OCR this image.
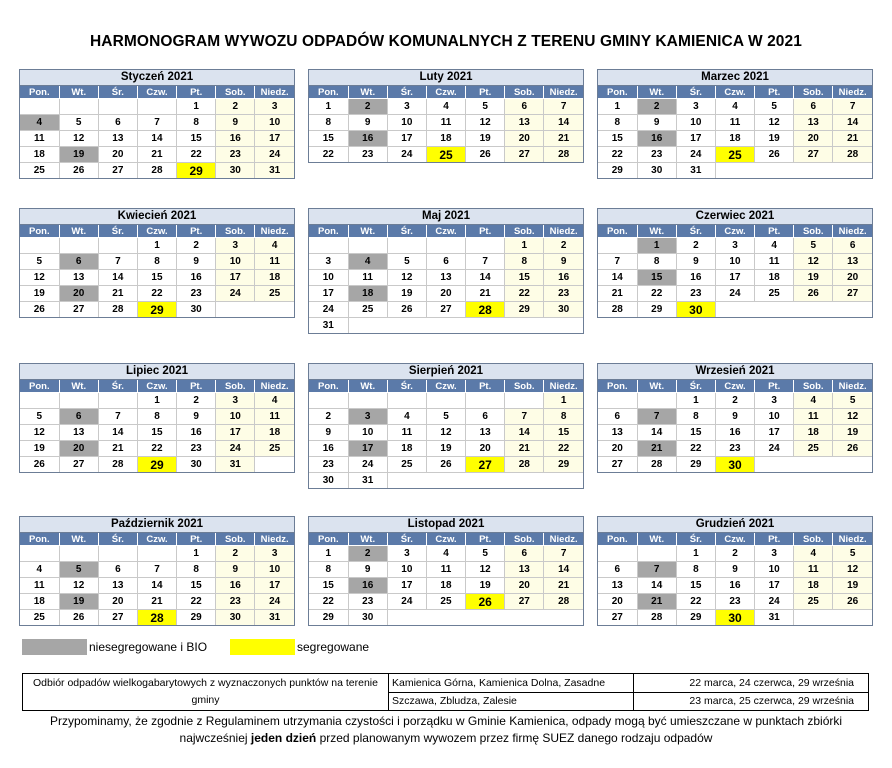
HARMONOGRAM WYWOZU ODPADÓW KOMUNALNYCH Z TERENU GMINY KAMIENICA W 2021
Styczeń 2021
Pon.	Wt.	Śr.	Czw.	Pt.	Sob.	Niedz.
				1	2	3
4	5	6	7	8	9	10
11	12	13	14	15	16	17
18	19	20	21	22	23	24
25	26	27	28	29	30	31
Luty 2021
Pon.	Wt.	Śr.	Czw.	Pt.	Sob.	Niedz.
1	2	3	4	5	6	7
8	9	10	11	12	13	14
15	16	17	18	19	20	21
22	23	24	25	26	27	28
Marzec 2021
Pon.	Wt.	Śr.	Czw.	Pt.	Sob.	Niedz.
1	2	3	4	5	6	7
8	9	10	11	12	13	14
15	16	17	18	19	20	21
22	23	24	25	26	27	28
29	30	31				
Kwiecień 2021
Pon.	Wt.	Śr.	Czw.	Pt.	Sob.	Niedz.
			1	2	3	4
5	6	7	8	9	10	11
12	13	14	15	16	17	18
19	20	21	22	23	24	25
26	27	28	29	30		
Maj 2021
Pon.	Wt.	Śr.	Czw.	Pt.	Sob.	Niedz.
					1	2
3	4	5	6	7	8	9
10	11	12	13	14	15	16
17	18	19	20	21	22	23
24	25	26	27	28	29	30
31						
Czerwiec 2021
Pon.	Wt.	Śr.	Czw.	Pt.	Sob.	Niedz.
	1	2	3	4	5	6
7	8	9	10	11	12	13
14	15	16	17	18	19	20
21	22	23	24	25	26	27
28	29	30				
Lipiec 2021
Pon.	Wt.	Śr.	Czw.	Pt.	Sob.	Niedz.
			1	2	3	4
5	6	7	8	9	10	11
12	13	14	15	16	17	18
19	20	21	22	23	24	25
26	27	28	29	30	31	
Sierpień 2021
Pon.	Wt.	Śr.	Czw.	Pt.	Sob.	Niedz.
						1
2	3	4	5	6	7	8
9	10	11	12	13	14	15
16	17	18	19	20	21	22
23	24	25	26	27	28	29
30	31					
Wrzesień 2021
Pon.	Wt.	Śr.	Czw.	Pt.	Sob.	Niedz.
		1	2	3	4	5
6	7	8	9	10	11	12
13	14	15	16	17	18	19
20	21	22	23	24	25	26
27	28	29	30			
Październik 2021
Pon.	Wt.	Śr.	Czw.	Pt.	Sob.	Niedz.
				1	2	3
4	5	6	7	8	9	10
11	12	13	14	15	16	17
18	19	20	21	22	23	24
25	26	27	28	29	30	31
Listopad 2021
Pon.	Wt.	Śr.	Czw.	Pt.	Sob.	Niedz.
1	2	3	4	5	6	7
8	9	10	11	12	13	14
15	16	17	18	19	20	21
22	23	24	25	26	27	28
29	30					
Grudzień 2021
Pon.	Wt.	Śr.	Czw.	Pt.	Sob.	Niedz.
		1	2	3	4	5
6	7	8	9	10	11	12
13	14	15	16	17	18	19
20	21	22	23	24	25	26
27	28	29	30	31		
niesegregowane i BIO	segregowane
Odbiór odpadów wielkogabarytowych z wyznaczonych punktów na terenie gminy	Kamienica Górna, Kamienica Dolna, Zasadne	22 marca, 24 czerwca, 29 września
	Szczawa, Zbludza, Zalesie	23 marca, 25 czerwca, 29 września
Przypominamy, że zgodnie z Regulaminem utrzymania czystości i porządku w Gminie Kamienica, odpady mogą być umieszczane w punktach zbiórki najwcześniej jeden dzień przed planowanym wywozem przez firmę SUEZ danego rodzaju odpadów
